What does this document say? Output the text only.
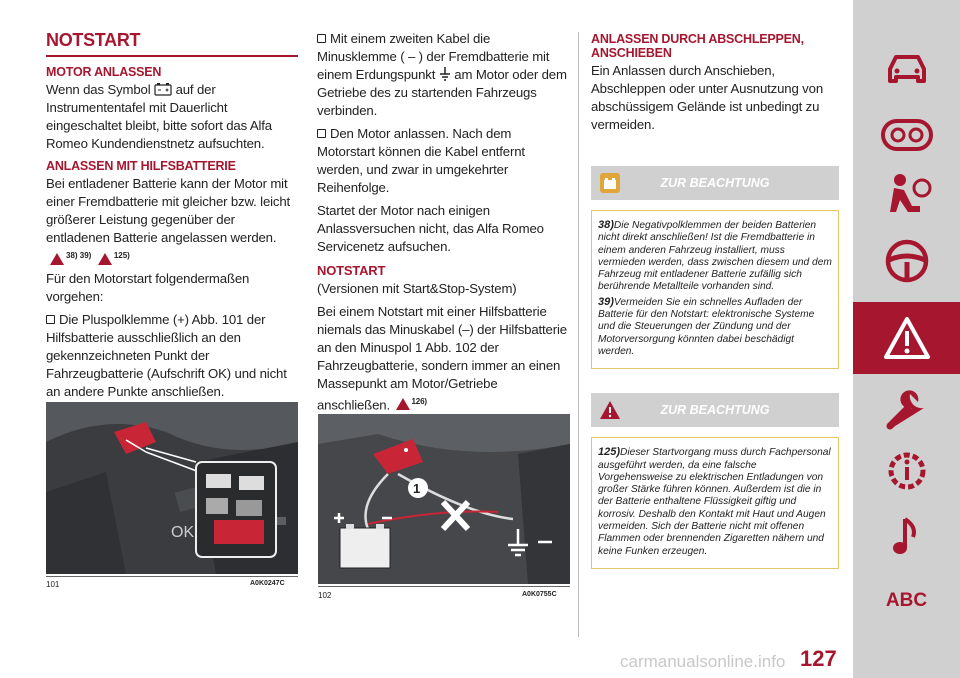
NOTSTART
MOTOR ANLASSEN

Wenn das Symbol auf der Instrumententafel mit Dauerlicht eingeschaltet bleibt, bitte sofort das Alfa Romeo Kundendienstnetz aufsuchten.

ANLASSEN MIT HILFSBATTERIE

Bei entladener Batterie kann der Motor mit einer Fremdbatterie mit gleicher bzw. leicht größerer Leistung gegenüber der entladenen Batterie angelassen werden.

$^{38) 39)}$	$^{125)}$

Für den Motorstart folgendermaßen vorgehen:

Die Pluspolklemme (+) Abb. 101 der Hilfsbatterie ausschließlich an den gekennzeichneten Punkt der Fahrzeugbatterie (Aufschrift OK) und nicht an andere Punkte anschließen.

OK
101	A0K0247C

Mit einem zweiten Kabel die Minusklemme ( – ) der Fremdbatterie mit einem Erdungspunkt am Motor oder dem Getriebe des zu startenden Fahrzeugs verbinden.

Den Motor anlassen. Nach dem Motorstart können die Kabel entfernt werden, und zwar in umgekehrter Reihenfolge.

Startet der Motor nach einigen Anlassversuchen nicht, das Alfa Romeo Servicenetz aufsuchen.

NOTSTART

(Versionen mit Start&Stop-System)

Bei einem Notstart mit einer Hilfsbatterie niemals das Minuskabel (–) der Hilfsbatterie an den Minuspol 1 Abb. 102 der Fahrzeugbatterie, sondern immer an einen Massepunkt am Motor/Getriebe anschließen.	$^{126)}$

1
102	A0K0755C
ANLASSEN DURCH ABSCHLEPPEN, ANSCHIEBEN

Ein Anlassen durch Anschieben, Abschleppen oder unter Ausnutzung von abschüssigem Gelände ist unbedingt zu vermeiden.

ZUR BEACHTUNG

38)Die Negativpolklemmen der beiden Batterien nicht direkt anschließen! Ist die Fremdbatterie in einem anderen Fahrzeug installiert, muss vermieden werden, dass zwischen diesem und dem Fahrzeug mit entladener Batterie zufällig sich berührende Metallteile vorhanden sind.

39)Vermeiden Sie ein schnelles Aufladen der Batterie für den Notstart: elektronische Systeme und die Steuerungen der Zündung und der Motorversorgung könnten dabei beschädigt werden.

ZUR BEACHTUNG

125)Dieser Startvorgang muss durch Fachpersonal ausgeführt werden, da eine falsche Vorgehensweise zu elektrischen Entladungen von großer Stärke führen können. Außerdem ist die in der Batterie enthaltene Flüssigkeit giftig und korrosiv. Deshalb den Kontakt mit Haut und Augen vermeiden. Sich der Batterie nicht mit offenen Flammen oder brennenden Zigaretten nähern und keine Funken erzeugen.

ABC
carmanualsonline.info 127
